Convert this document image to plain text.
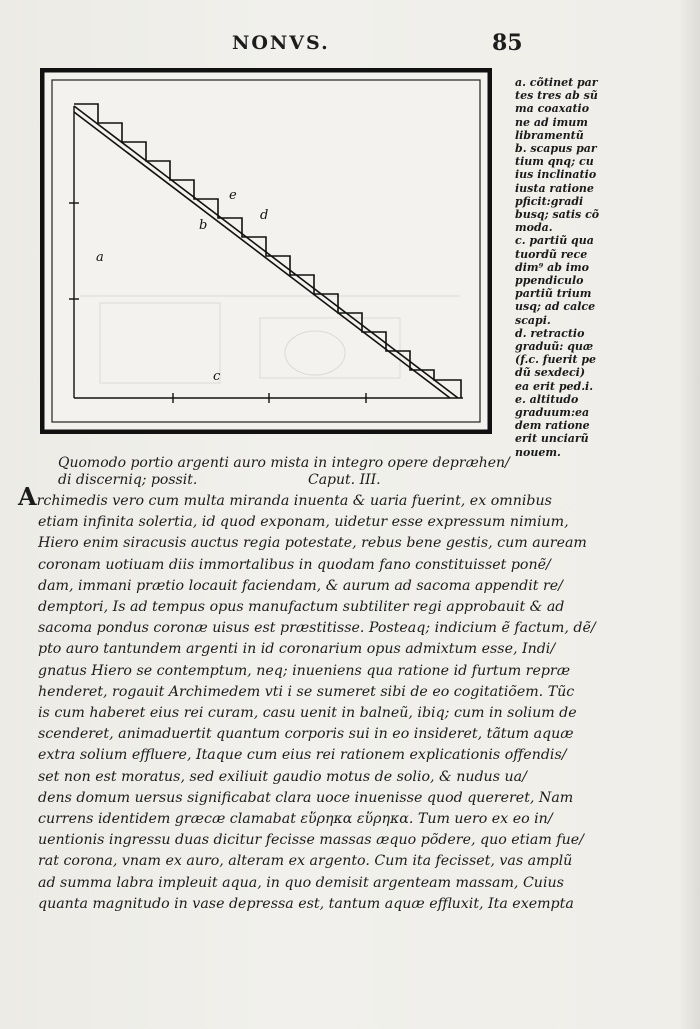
NONVS.	85
a
b
c
d
e
a. cõtinet par
tes tres ab sũ
ma coaxatio
ne ad imum
libramentũ
b. scapus par
tium qnq; cu
ius inclinatio
iusta ratione
pficit:gradi
busq; satis cõ
moda.
c. partiũ qua
tuordũ rece
dim⁹ ab imo
ppendiculo
partiũ trium
usq; ad calce
scapi.
d. retractio
graduũ: quæ
(f.c. fuerit pe
dũ sexdeci)
ea erit ped.i.
e. altitudo
graduum:ea
dem ratione
erit unciarũ
nouem.
Quomodo portio argenti auro mista in integro opere depræhen/
di discerniq; possit.	Caput. III.
Archimedis vero cum multa miranda inuenta & uaria fuerint, ex omnibus
etiam infinita solertia, id quod exponam, uidetur esse expressum nimium,
Hiero enim siracusis auctus regia potestate, rebus bene gestis, cum auream
coronam uotiuam diis immortalibus in quodam fano constituisset ponẽ/
dam, immani prætio locauit faciendam, & aurum ad sacoma appendit re/
demptori, Is ad tempus opus manufactum subtiliter regi approbauit & ad
sacoma pondus coronæ uisus est præstitisse. Posteaq; indicium ẽ factum, dẽ/
pto auro tantundem argenti in id coronarium opus admixtum esse, Indi/
gnatus Hiero se contemptum, neq; inueniens qua ratione id furtum repræ
henderet, rogauit Archimedem vti i se sumeret sibi de eo cogitatiõem. Tũc
is cum haberet eius rei curam, casu uenit in balneũ, ibiq; cum in solium de
scenderet, animaduertit quantum corporis sui in eo insideret, tãtum aquæ
extra solium effluere, Itaque cum eius rei rationem explicationis offendis/
set non est moratus, sed exiliuit gaudio motus de solio, & nudus ua/
dens domum uersus significabat clara uoce inuenisse quod quereret, Nam
currens identidem græcæ clamabat εὕρηκα εὕρηκα. Tum uero ex eo in/
uentionis ingressu duas dicitur fecisse massas æquo põdere, quo etiam fue/
rat corona, vnam ex auro, alteram ex argento. Cum ita fecisset, vas amplũ
ad summa labra impleuit aqua, in quo demisit argenteam massam, Cuius
quanta magnitudo in vase depressa est, tantum aquæ effluxit, Ita exempta
